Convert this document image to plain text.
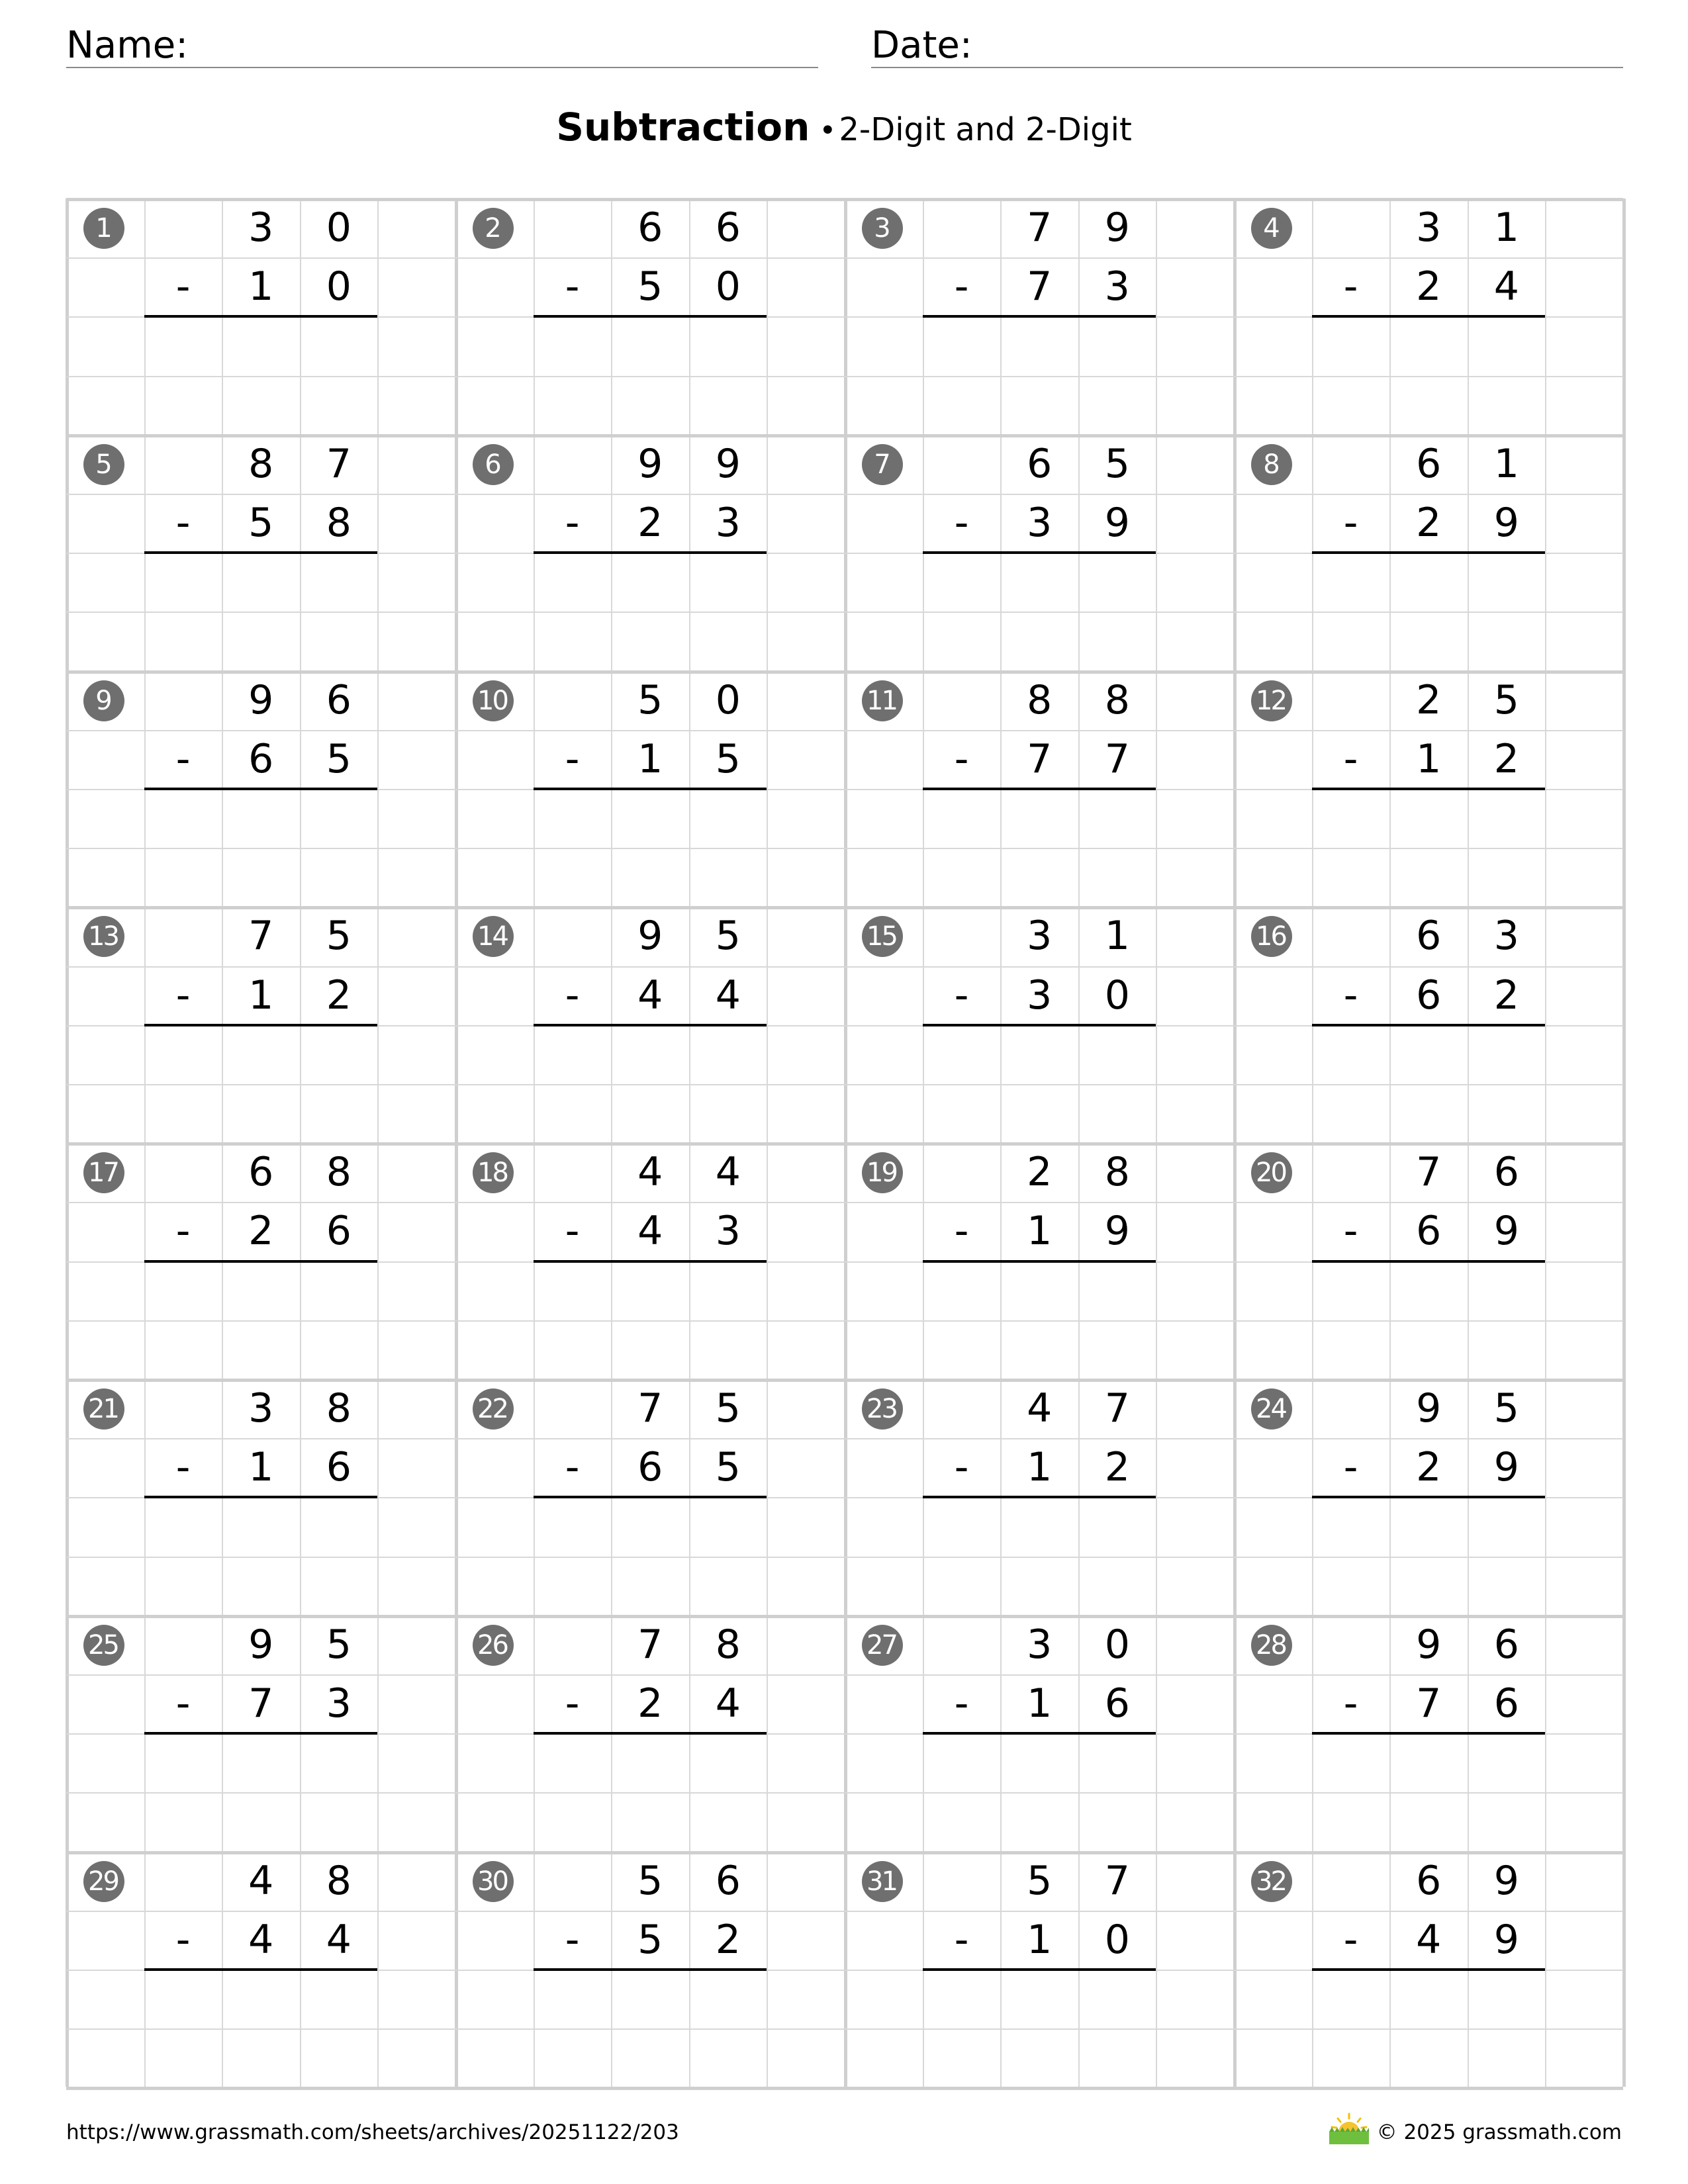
Name:	Date:
Subtraction •2-Digit and 2-Digit
1	3	0
-	1	0
2	6	6
-	5	0
3	7	9
-	7	3
4	3	1
-	2	4
5	8	7
-	5	8
6	9	9
-	2	3
7	6	5
-	3	9
8	6	1
-	2	9
9	9	6
-	6	5
10	5	0
-	1	5
11	8	8
-	7	7
12	2	5
-	1	2
13	7	5
-	1	2
14	9	5
-	4	4
15	3	1
-	3	0
16	6	3
-	6	2
17	6	8
-	2	6
18	4	4
-	4	3
19	2	8
-	1	9
20	7	6
-	6	9
21	3	8
-	1	6
22	7	5
-	6	5
23	4	7
-	1	2
24	9	5
-	2	9
25	9	5
-	7	3
26	7	8
-	2	4
27	3	0
-	1	6
28	9	6
-	7	6
29	4	8
-	4	4
30	5	6
-	5	2
31	5	7
-	1	0
32	6	9
-	4	9
https://www.grassmath.com/sheets/archives/20251122/203	© 2025 grassmath.com
